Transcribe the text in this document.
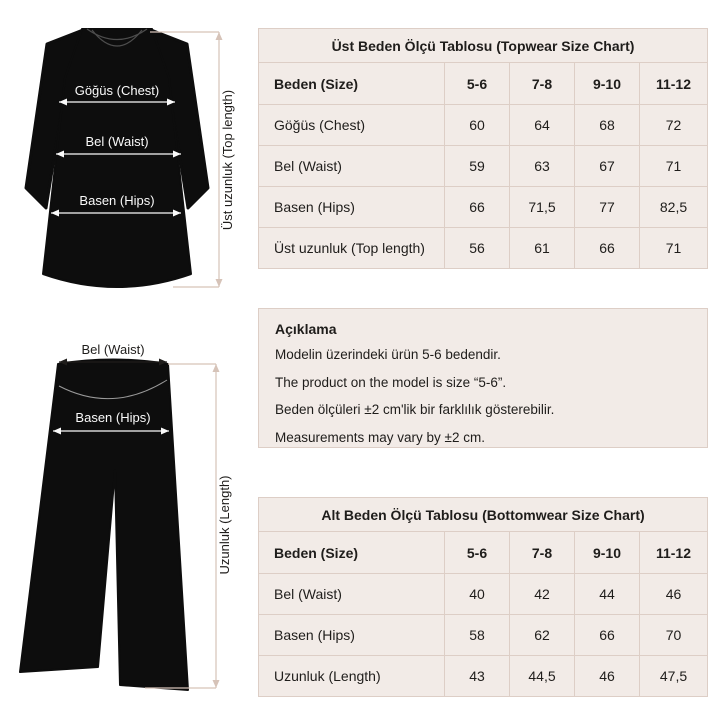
Göğüs (Chest)
Bel (Waist)
Basen (Hips)	Üst uzunluk (Top length)
Bel (Waist)
Basen (Hips)
Uzunluk (Length)
Üst Beden Ölçü Tablosu (Topwear Size Chart)
Beden (Size)	5-6	7-8	9-10	11-12
Göğüs (Chest)	60	64	68	72
Bel (Waist)	59	63	67	71
Basen (Hips)	66	71,5	77	82,5
Üst uzunluk (Top length)	56	61	66	71
Açıklama

Modelin üzerindeki ürün 5-6 bedendir.

The product on the model is size “5-6”.

Beden ölçüleri ±2 cm'lik bir farklılık gösterebilir.

Measurements may vary by ±2 cm.

Alt Beden Ölçü Tablosu (Bottomwear Size Chart)
Beden (Size)	5-6	7-8	9-10	11-12
Bel (Waist)	40	42	44	46
Basen (Hips)	58	62	66	70
Uzunluk (Length)	43	44,5	46	47,5
